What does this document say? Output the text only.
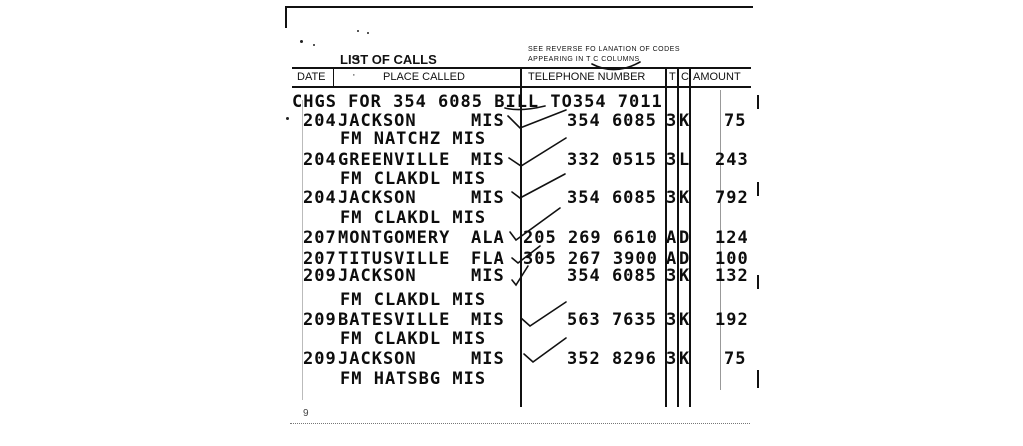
LIST OF CALLS
SEE REVERSE FO LANATION OF CODES
APPEARING IN T C COLUMNS
DATE · PLACE CALLED	TELEPHONE NUMBER T C AMOUNT
CHGS FOR 354 6085 BILL TO354 7011
204 JACKSON	MIS	354 6085 3 K 75
FM NATCHZ MIS
204 GREENVILLE MIS	332 0515 3 L 243
FM CLAKDL MIS
204 JACKSON	MIS	354 6085 3 K 792
FM CLAKDL MIS
207 MONTGOMERY ALA 205 269 6610 A D 124
207 TITUSVILLE FLA 305 267 3900 A D 100
209 JACKSON	MIS	354 6085 3 K 132
FM CLAKDL MIS
209 BATESVILLE MIS	563 7635 3 K 192
FM CLAKDL MIS
209 JACKSON	MIS	352 8296 3 K 75
FM HATSBG MIS
9
